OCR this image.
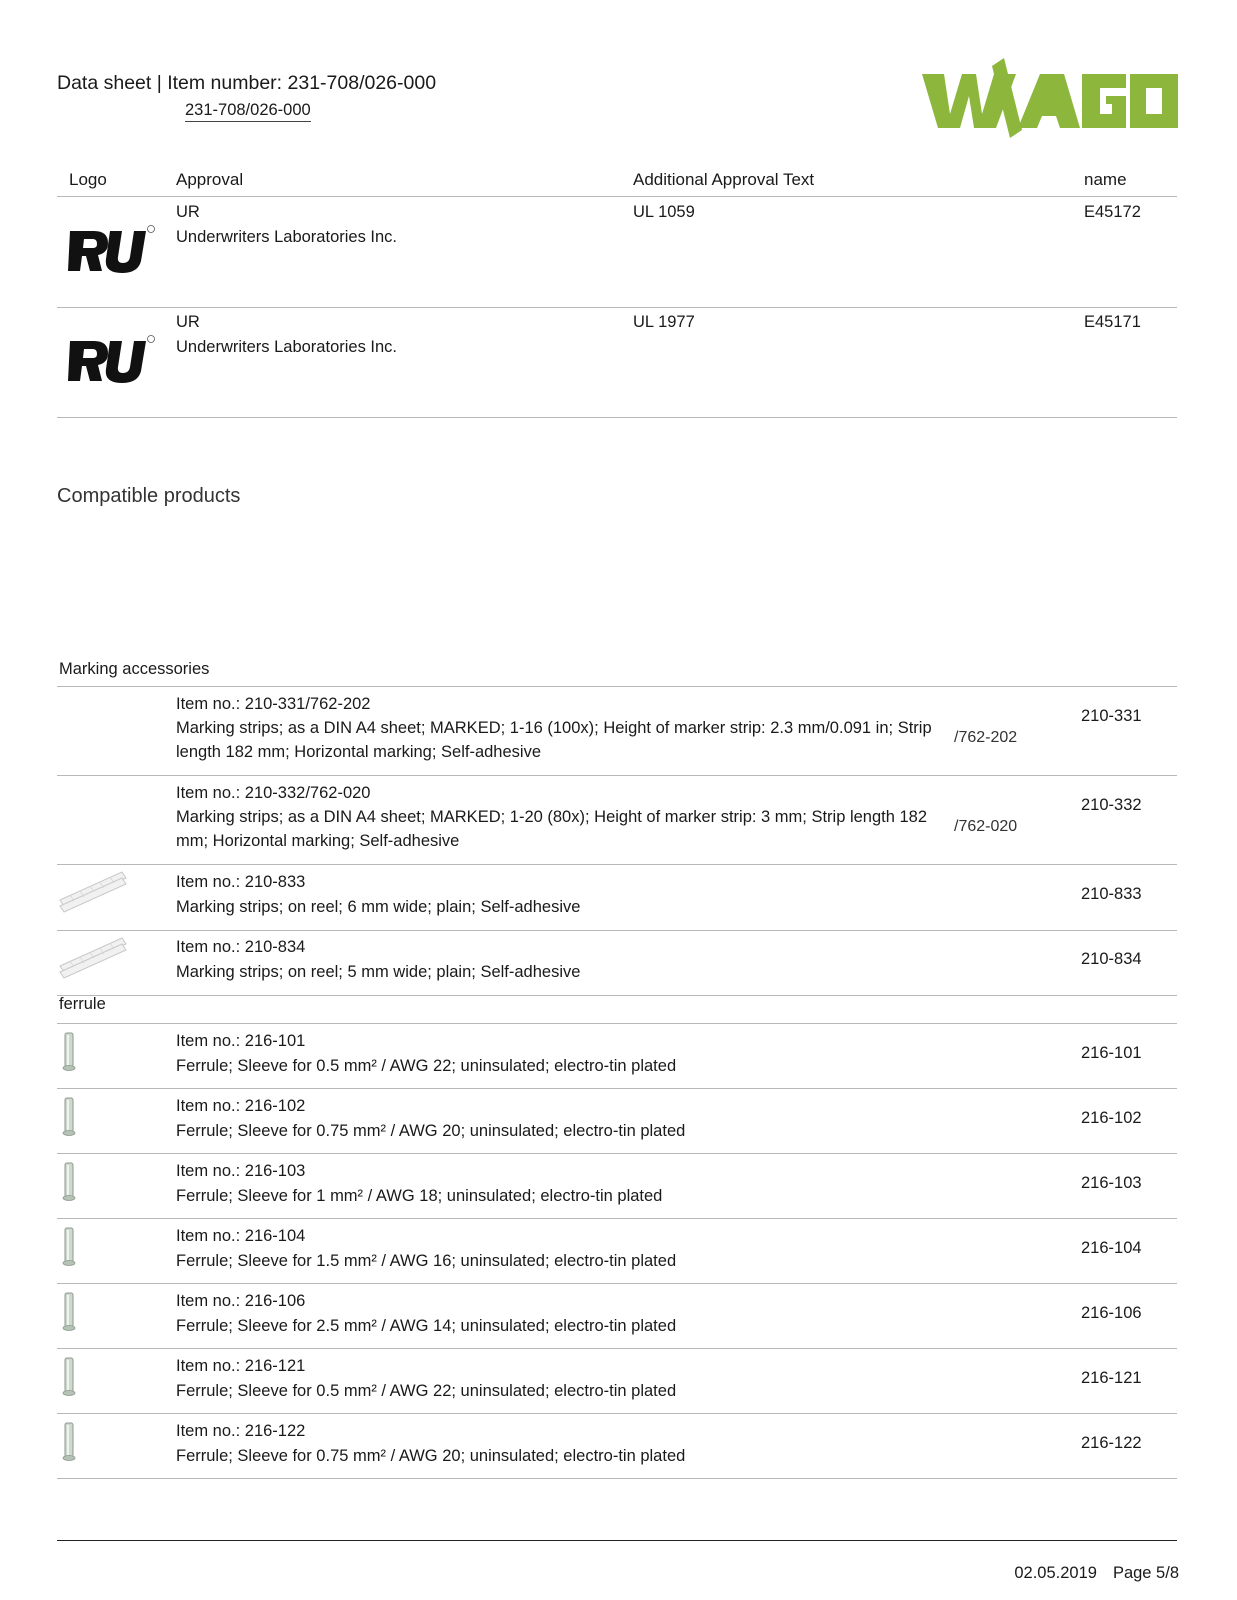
Data sheet | Item number: 231-708/026-000
231-708/026-000
Logo	Approval	Additional Approval Text	name
UR
Underwriters Laboratories Inc.
UL 1059	E45172
UR
Underwriters Laboratories Inc.
UL 1977	E45171
Compatible products
Marking accessories
Item no.: 210-331/762-202
Marking strips; as a DIN A4 sheet; MARKED; 1-16 (100x); Height of marker strip: 2.3 mm/0.091 in; Strip length 182 mm; Horizontal marking; Self-adhesive
/762-202
210-331
Item no.: 210-332/762-020
Marking strips; as a DIN A4 sheet; MARKED; 1-20 (80x); Height of marker strip: 3 mm; Strip length 182 mm; Horizontal marking; Self-adhesive
/762-020
210-332
Item no.: 210-833
Marking strips; on reel; 6 mm wide; plain; Self-adhesive
210-833
Item no.: 210-834
Marking strips; on reel; 5 mm wide; plain; Self-adhesive
210-834
ferrule
Item no.: 216-101
Ferrule; Sleeve for 0.5 mm² / AWG 22; uninsulated; electro-tin plated
216-101
Item no.: 216-102
Ferrule; Sleeve for 0.75 mm² / AWG 20; uninsulated; electro-tin plated
216-102
Item no.: 216-103
Ferrule; Sleeve for 1 mm² / AWG 18; uninsulated; electro-tin plated
216-103
Item no.: 216-104
Ferrule; Sleeve for 1.5 mm² / AWG 16; uninsulated; electro-tin plated
216-104
Item no.: 216-106
Ferrule; Sleeve for 2.5 mm² / AWG 14; uninsulated; electro-tin plated
216-106
Item no.: 216-121
Ferrule; Sleeve for 0.5 mm² / AWG 22; uninsulated; electro-tin plated
216-121
Item no.: 216-122
Ferrule; Sleeve for 0.75 mm² / AWG 20; uninsulated; electro-tin plated
216-122
02.05.2019 Page 5/8
